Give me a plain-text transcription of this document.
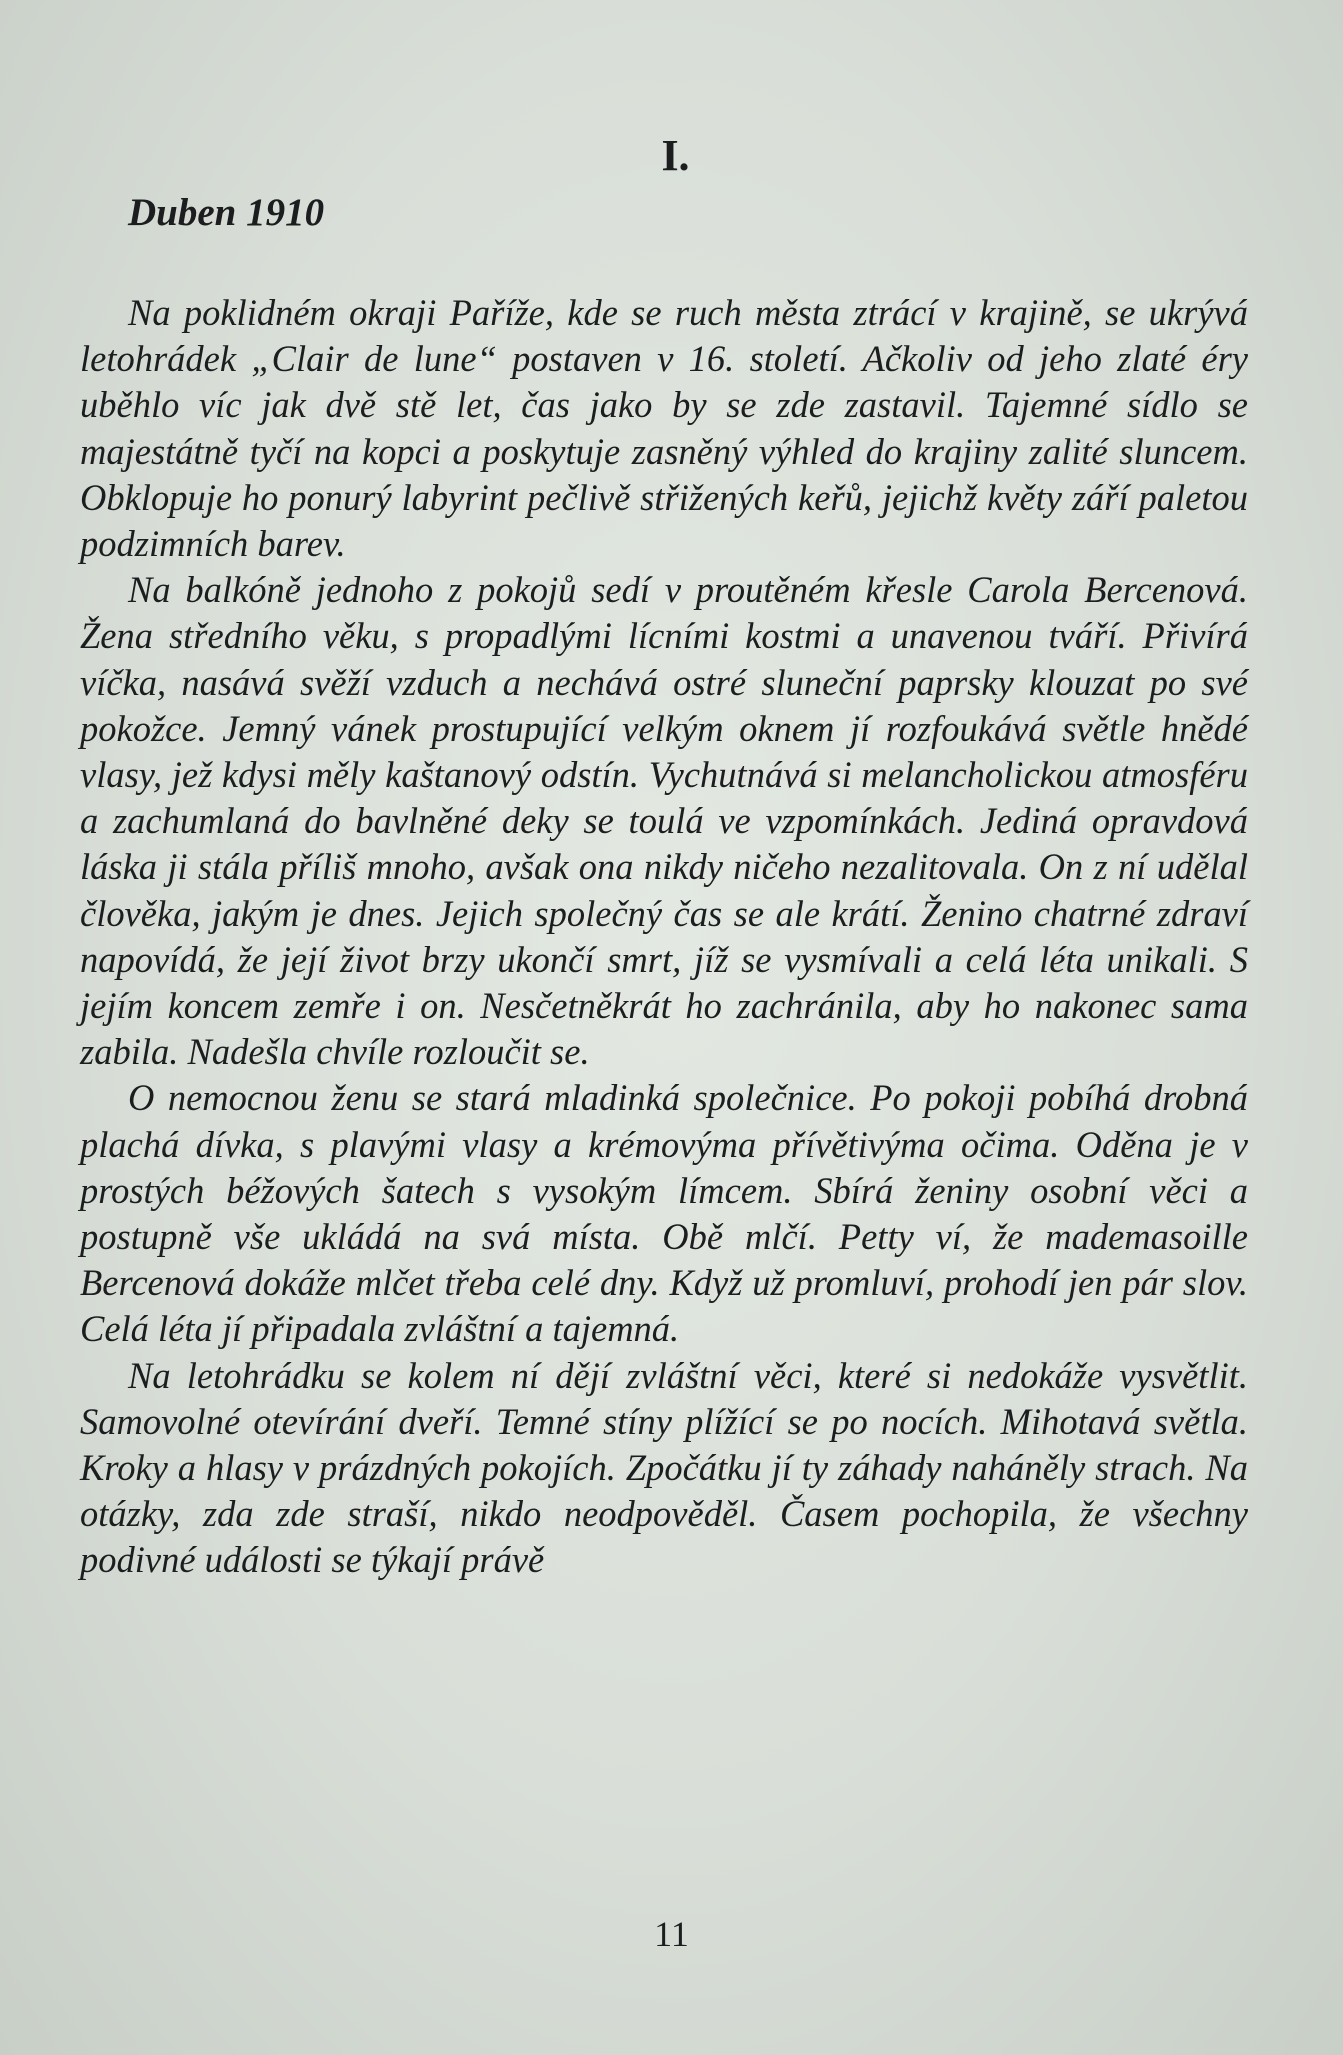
I.
Duben 1910

Na poklidném okraji Paříže, kde se ruch města ztrácí v krajině, se ukrývá letohrádek „Clair de lune“ postaven v 16. století. Ačkoliv od jeho zlaté éry uběhlo víc jak dvě stě let, čas jako by se zde zastavil. Tajemné sídlo se majestátně tyčí na kopci a poskytuje zasněný výhled do krajiny zalité sluncem. Obklopuje ho ponurý labyrint pečlivě střižených keřů, jejichž květy září paletou podzimních barev.

Na balkóně jednoho z pokojů sedí v proutěném křesle Carola Bercenová. Žena středního věku, s propadlými lícními kostmi a unavenou tváří. Přivírá víčka, nasává svěží vzduch a nechává ostré sluneční paprsky klouzat po své pokožce. Jemný vánek prostupující velkým oknem jí rozfoukává světle hnědé vlasy, jež kdysi měly kaštanový odstín. Vychutnává si melancholickou atmosféru a zachumlaná do bavlněné deky se toulá ve vzpomínkách. Jediná opravdová láska ji stála příliš mnoho, avšak ona nikdy ničeho nezalitovala. On z ní udělal člověka, jakým je dnes. Jejich společný čas se ale krátí. Ženino chatrné zdraví napovídá, že její život brzy ukončí smrt, jíž se vysmívali a celá léta unikali. S jejím koncem zemře i on. Nesčetněkrát ho zachránila, aby ho nakonec sama zabila. Nadešla chvíle rozloučit se.

O nemocnou ženu se stará mladinká společnice. Po pokoji pobíhá drobná plachá dívka, s plavými vlasy a krémovýma přívětivýma očima. Oděna je v prostých béžových šatech s vysokým límcem. Sbírá ženiny osobní věci a postupně vše ukládá na svá místa. Obě mlčí. Petty ví, že mademasoille Bercenová dokáže mlčet třeba celé dny. Když už promluví, prohodí jen pár slov. Celá léta jí připadala zvláštní a tajemná.

Na letohrádku se kolem ní dějí zvláštní věci, které si nedokáže vysvětlit. Samovolné otevírání dveří. Temné stíny plížící se po nocích. Mihotavá světla. Kroky a hlasy v prázdných pokojích. Zpočátku jí ty záhady naháněly strach. Na otázky, zda zde straší, nikdo neodpověděl. Časem pochopila, že všechny podivné události se týkají právě

11
